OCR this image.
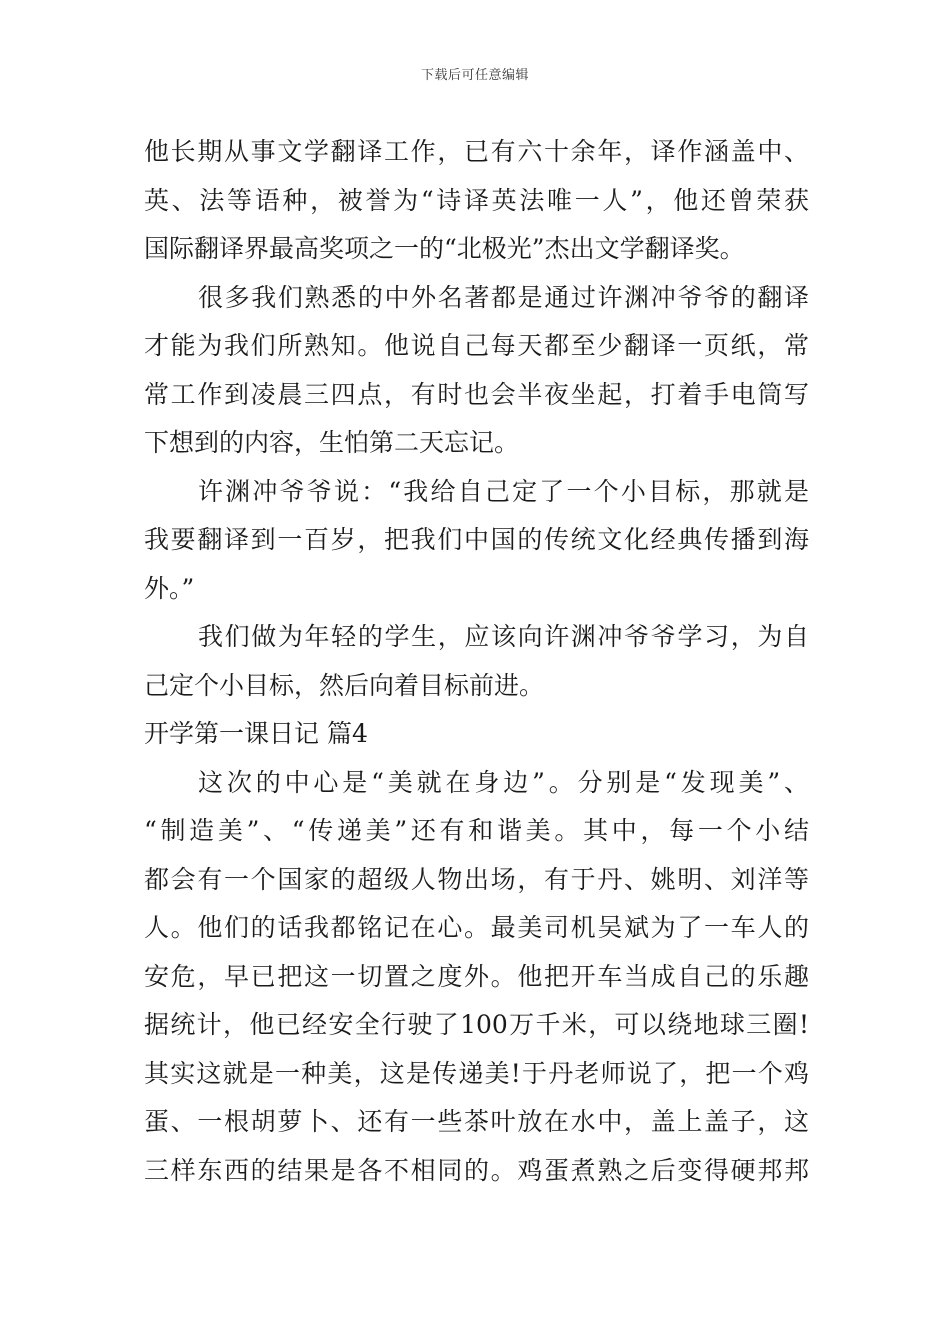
下载后可任意编辑
他长期从事文学翻译工作，已有六十余年，译作涵盖中、
英、法等语种，被誉为“诗译英法唯一人”，他还曾荣获
国际翻译界最高奖项之一的“北极光”杰出文学翻译奖。
很多我们熟悉的中外名著都是通过许渊冲爷爷的翻译
才能为我们所熟知。他说自己每天都至少翻译一页纸，常
常工作到凌晨三四点，有时也会半夜坐起，打着手电筒写
下想到的内容，生怕第二天忘记。
许渊冲爷爷说：“我给自己定了一个小目标，那就是
我要翻译到一百岁，把我们中国的传统文化经典传播到海
外。”
我们做为年轻的学生，应该向许渊冲爷爷学习，为自
己定个小目标，然后向着目标前进。
开学第一课日记 篇4
这次的中心是“美就在身边”。分别是“发现美”、
“制造美”、“传递美”还有和谐美。其中，每一个小结
都会有一个国家的超级人物出场，有于丹、姚明、刘洋等
人。他们的话我都铭记在心。最美司机吴斌为了一车人的
安危，早已把这一切置之度外。他把开车当成自己的乐趣
据统计，他已经安全行驶了100万千米，可以绕地球三圈!
其实这就是一种美，这是传递美!于丹老师说了，把一个鸡
蛋、一根胡萝卜、还有一些茶叶放在水中，盖上盖子，这
三样东西的结果是各不相同的。鸡蛋煮熟之后变得硬邦邦
